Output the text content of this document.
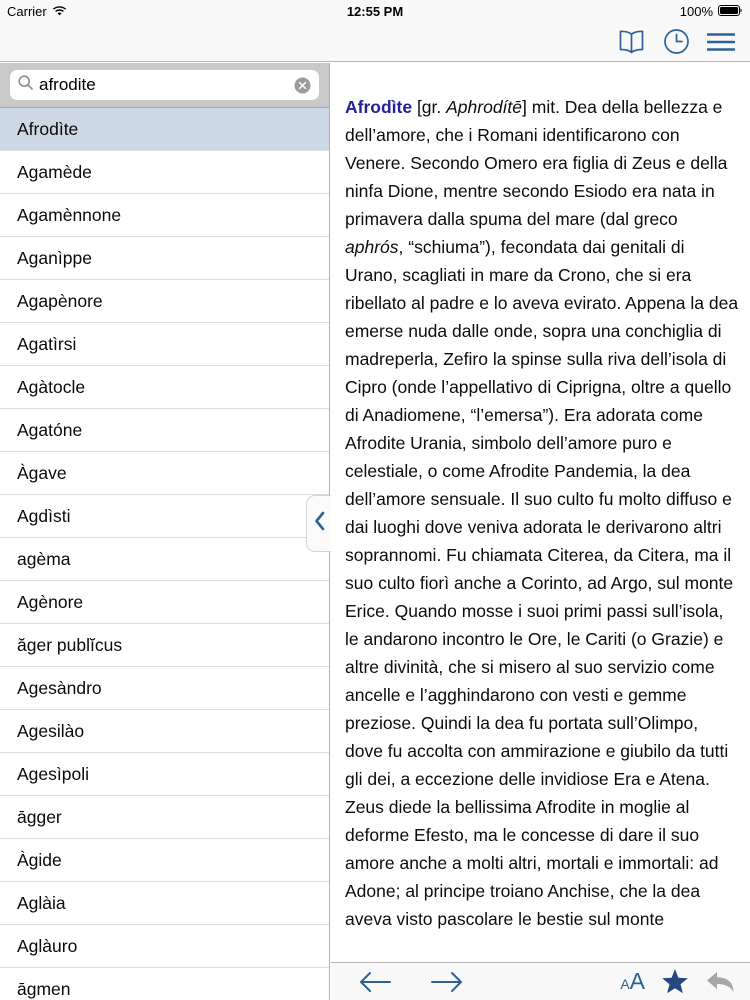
Carrier	12:55 PM	100%
afrodite
Afrodìte
Agamède
Agamènnone
Aganìppe
Agapènore
Agatìrsi
Agàtocle
Agatóne
Àgave
Agdìsti
agèma
Agènore
ăger publĭcus
Agesàndro
Agesilào
Agesìpoli
āgger
Àgide
Aglàia
Aglàuro
āgmen
Afrodìte [gr. Aphrodítē] mit. Dea della bellezza e dell’amore, che i Romani identificarono con Venere. Secondo Omero era figlia di Zeus e della ninfa Dione, mentre secondo Esiodo era nata in primavera dalla spuma del mare (dal greco aphrós, “schiuma”), fecondata dai genitali di Urano, scagliati in mare da Crono, che si era ribellato al padre e lo aveva evirato. Appena la dea emerse nuda dalle onde, sopra una conchiglia di madreperla, Zefiro la spinse sulla riva dell’isola di Cipro (onde l’appellativo di Ciprigna, oltre a quello di Anadiomene, “l’emersa”). Era adorata come Afrodite Urania, simbolo dell’amore puro e celestiale, o come Afrodite Pandemia, la dea dell’amore sensuale. Il suo culto fu molto diffuso e dai luoghi dove veniva adorata le derivarono altri soprannomi. Fu chiamata Citerea, da Citera, ma il suo culto fiorì anche a Corinto, ad Argo, sul monte Erice. Quando mosse i suoi primi passi sull’isola, le andarono incontro le Ore, le Cariti (o Grazie) e altre divinità, che si misero al suo servizio come ancelle e l’agghindarono con vesti e gemme preziose. Quindi la dea fu portata sull’Olimpo, dove fu accolta con ammirazione e giubilo da tutti gli dei, a eccezione delle invidiose Era e Atena. Zeus diede la bellissima Afrodite in moglie al deforme Efesto, ma le concesse di dare il suo amore anche a molti altri, mortali e immortali: ad Adone; al principe troiano Anchise, che la dea aveva visto pascolare le bestie sul monte
A A
